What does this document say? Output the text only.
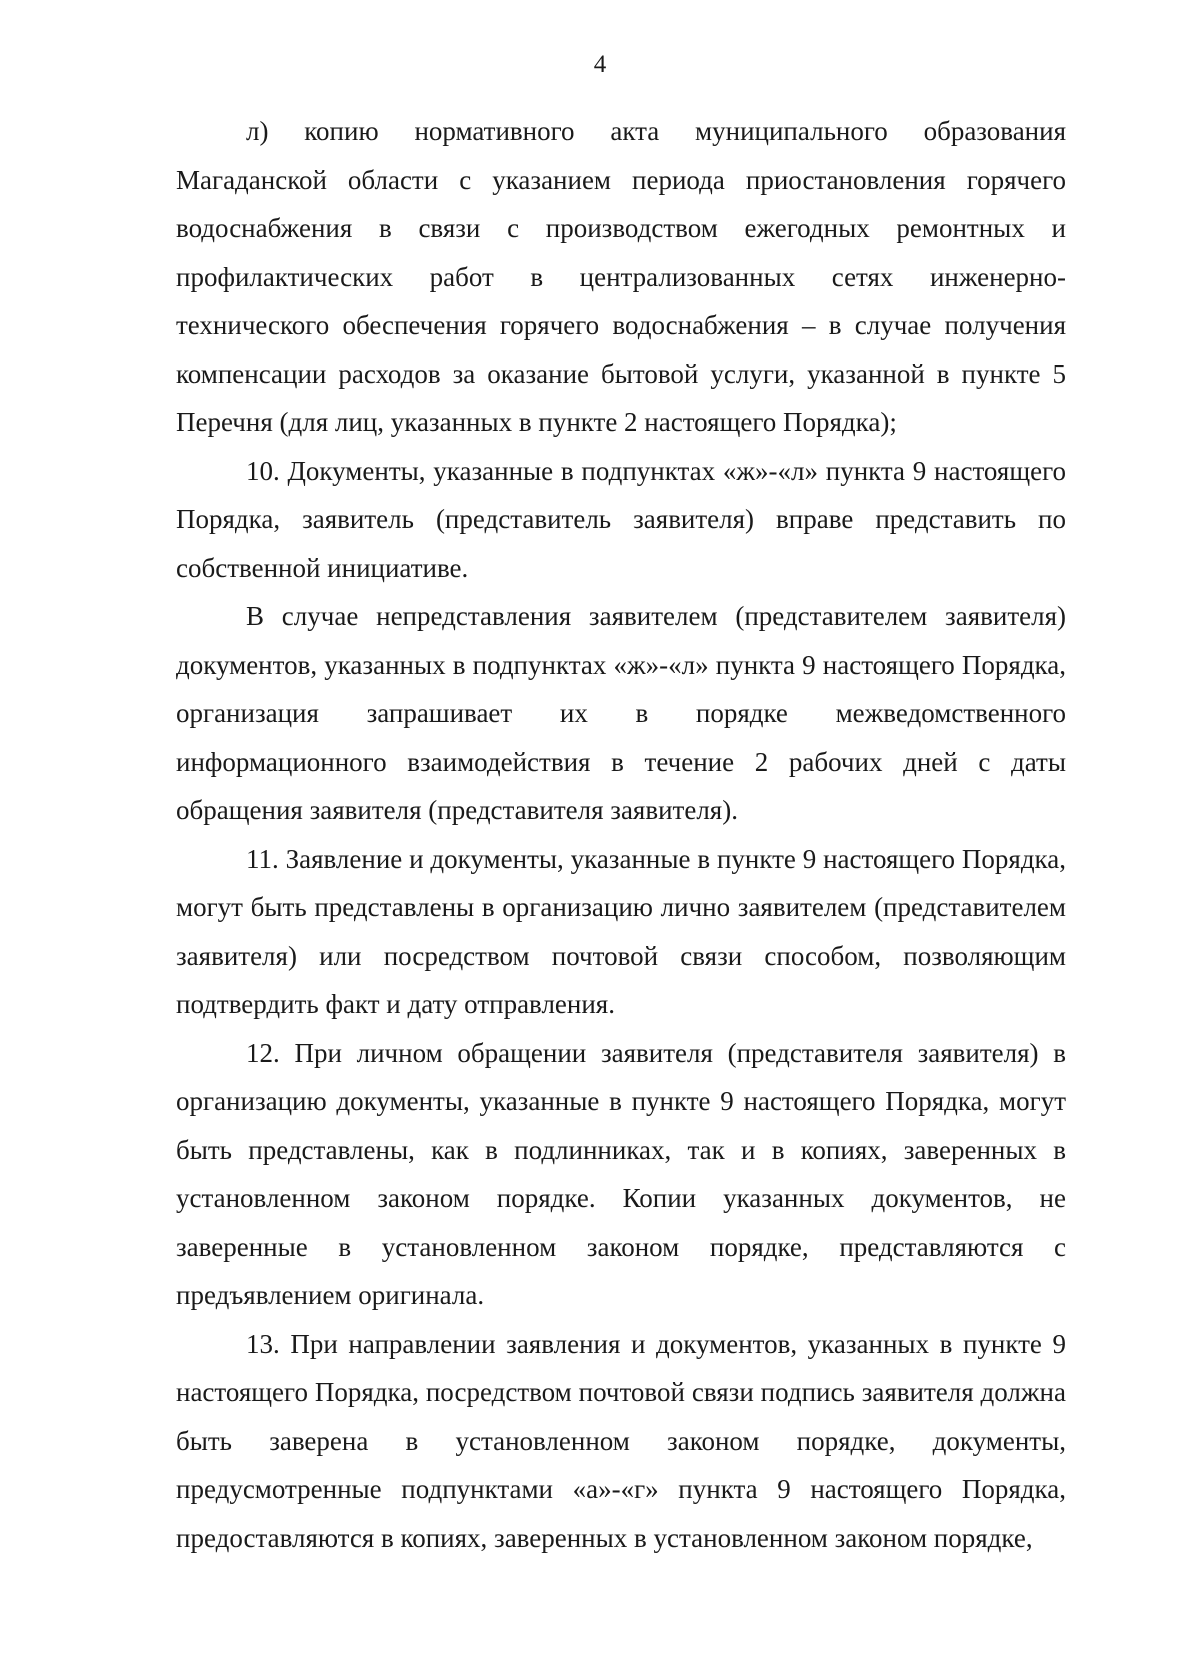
4

л) копию нормативного акта муниципального образования Магаданской области с указанием периода приостановления горячего водоснабжения в связи с производством ежегодных ремонтных и профилактических работ в централизованных сетях инженерно-технического обеспечения горячего водоснабжения – в случае получения компенсации расходов за оказание бытовой услуги, указанной в пункте 5 Перечня (для лиц, указанных в пункте 2 настоящего Порядка);

10. Документы, указанные в подпунктах «ж»-«л» пункта 9 настоящего Порядка, заявитель (представитель заявителя) вправе представить по собственной инициативе.

В случае непредставления заявителем (представителем заявителя) документов, указанных в подпунктах «ж»-«л» пункта 9 настоящего Порядка, организация запрашивает их в порядке межведомственного информационного взаимодействия в течение 2 рабочих дней с даты обращения заявителя (представителя заявителя).

11. Заявление и документы, указанные в пункте 9 настоящего Порядка, могут быть представлены в организацию лично заявителем (представителем заявителя) или посредством почтовой связи способом, позволяющим подтвердить факт и дату отправления.

12. При личном обращении заявителя (представителя заявителя) в организацию документы, указанные в пункте 9 настоящего Порядка, могут быть представлены, как в подлинниках, так и в копиях, заверенных в установленном законом порядке. Копии указанных документов, не заверенные в установленном законом порядке, представляются с предъявлением оригинала.

13. При направлении заявления и документов, указанных в пункте 9 настоящего Порядка, посредством почтовой связи подпись заявителя должна быть заверена в установленном законом порядке, документы, предусмотренные подпунктами «а»-«г» пункта 9 настоящего Порядка, предоставляются в копиях, заверенных в установленном законом порядке,
